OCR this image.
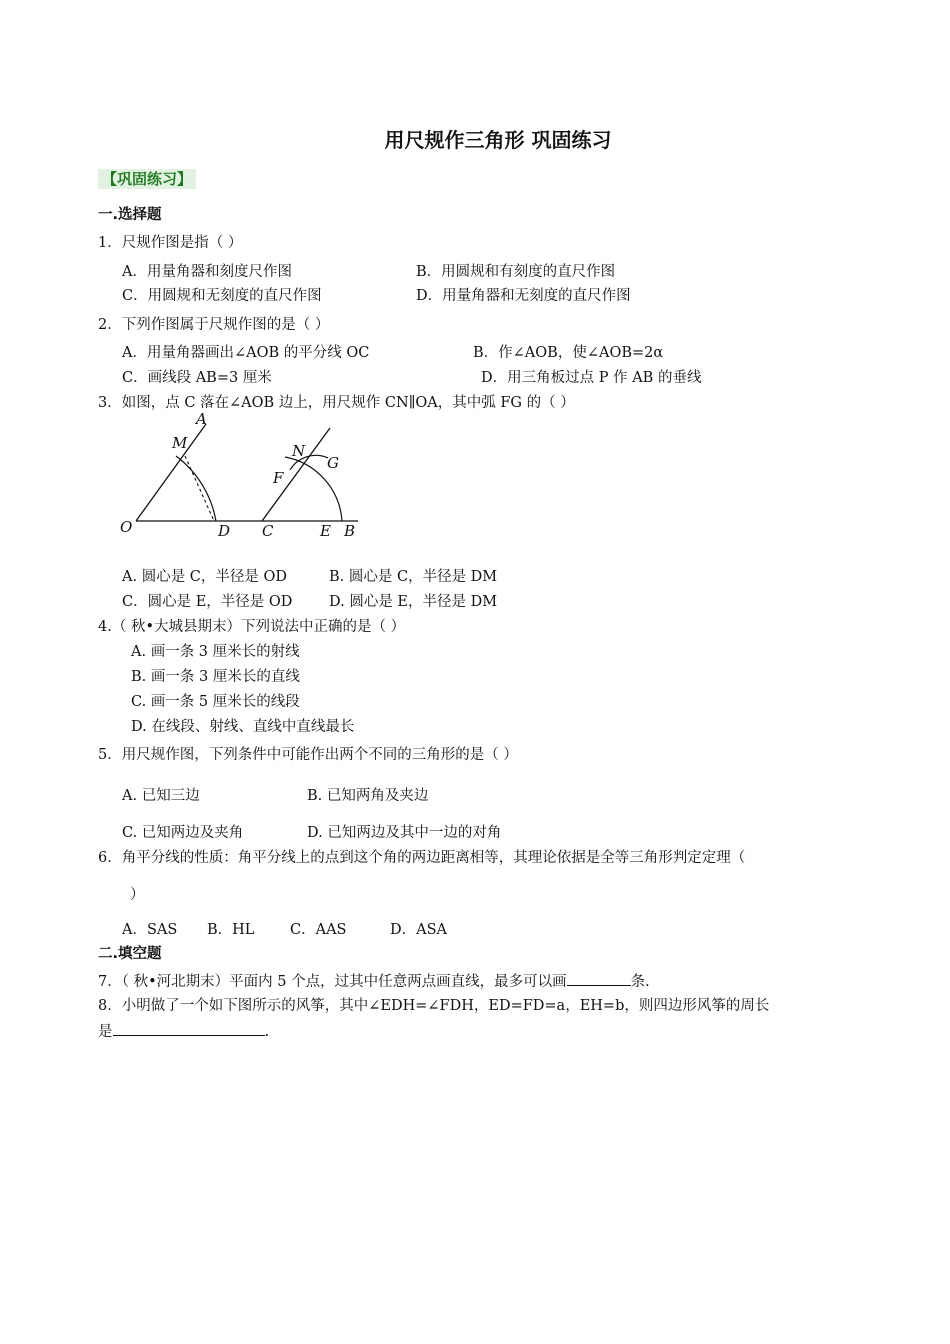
用尺规作三角形 巩固练习
【巩固练习】
一.选择题
1．尺规作图是指（ ）
A．用量角器和刻度尺作图	B．用圆规和有刻度的直尺作图
C．用圆规和无刻度的直尺作图	D．用量角器和无刻度的直尺作图
2．下列作图属于尺规作图的是（ ）
A．用量角器画出∠AOB 的平分线 OC	B．作∠AOB，使∠AOB=2α
C．画线段 AB=3 厘米	D．用三角板过点 P 作 AB 的垂线
3．如图，点 C 落在∠AOB 边上，用尺规作 CN∥OA，其中弧 FG 的（ ）
O
A
M
D C
N
F
G
E B
A. 圆心是 C，半径是 OD	B. 圆心是 C，半径是 DM
C．圆心是 E，半径是 OD	D. 圆心是 E，半径是 DM
4.（ 秋•大城县期末）下列说法中正确的是（ ）
A. 画一条 3 厘米长的射线
B. 画一条 3 厘米长的直线
C. 画一条 5 厘米长的线段
D. 在线段、射线、直线中直线最长
5．用尺规作图，下列条件中可能作出两个不同的三角形的是（ ）
A. 已知三边	B. 已知两角及夹边
C. 已知两边及夹角	D. 已知两边及其中一边的对角
6．角平分线的性质：角平分线上的点到这个角的两边距离相等，其理论依据是全等三角形判定定理（
）
A．SAS B．HL C．AAS	D．ASA
二.填空题
7．（ 秋•河北期末）平面内 5 个点，过其中任意两点画直线，最多可以画	条.
8．小明做了一个如下图所示的风筝，其中∠EDH=∠FDH，ED=FD=a，EH=b，则四边形风筝的周长
是	.
